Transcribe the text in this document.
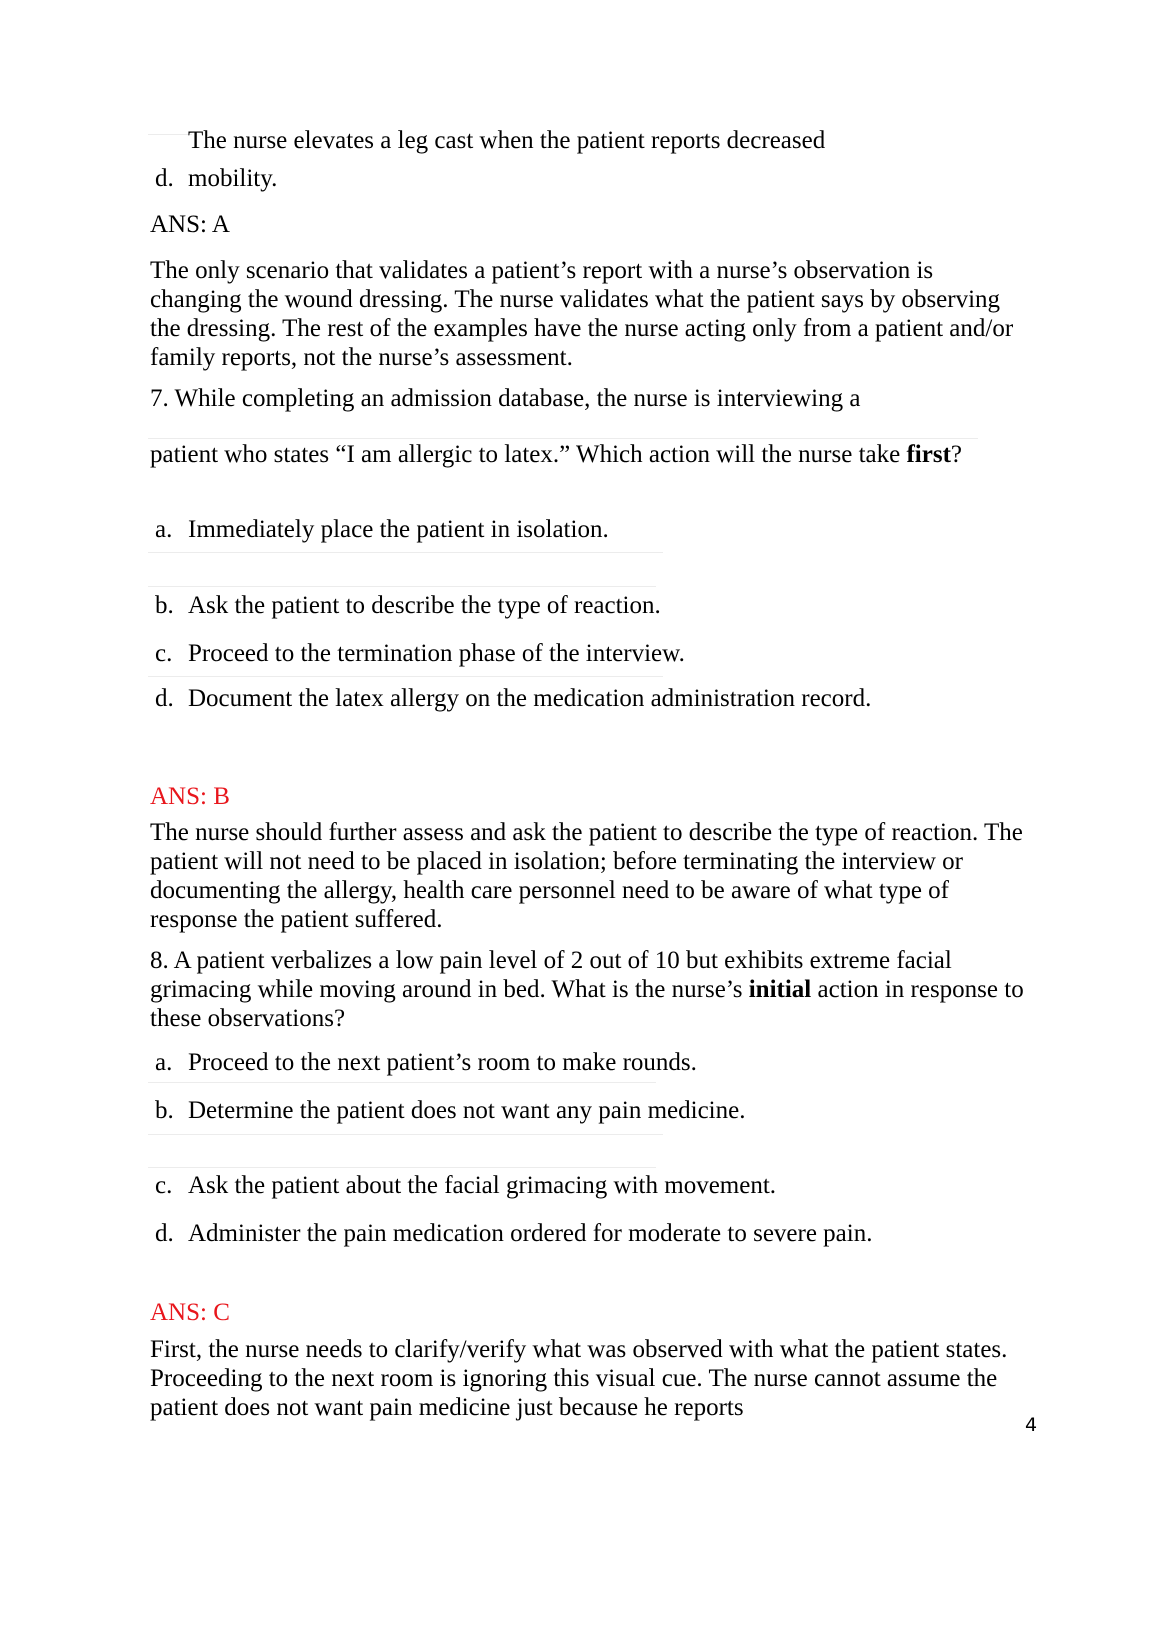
The nurse elevates a leg cast when the patient reports decreased
d. mobility.

ANS: A

The only scenario that validates a patient’s report with a nurse’s observation is changing the wound dressing. The nurse validates what the patient says by observing the dressing. The rest of the examples have the nurse acting only from a patient and/or family reports, not the nurse’s assessment.

7. While completing an admission database, the nurse is interviewing a

patient who states “I am allergic to latex.” Which action will the nurse take first?

a. Immediately place the patient in isolation.
b. Ask the patient to describe the type of reaction.
c. Proceed to the termination phase of the interview.
d. Document the latex allergy on the medication administration record.

ANS: B

The nurse should further assess and ask the patient to describe the type of reaction. The patient will not need to be placed in isolation; before terminating the interview or documenting the allergy, health care personnel need to be aware of what type of response the patient suffered.

8. A patient verbalizes a low pain level of 2 out of 10 but exhibits extreme facial grimacing while moving around in bed. What is the nurse’s initial action in response to these observations?

a. Proceed to the next patient’s room to make rounds.
b. Determine the patient does not want any pain medicine.
c. Ask the patient about the facial grimacing with movement.
d. Administer the pain medication ordered for moderate to severe pain.

ANS: C

First, the nurse needs to clarify/verify what was observed with what the patient states. Proceeding to the next room is ignoring this visual cue. The nurse cannot assume the patient does not want pain medicine just because he reports

4
